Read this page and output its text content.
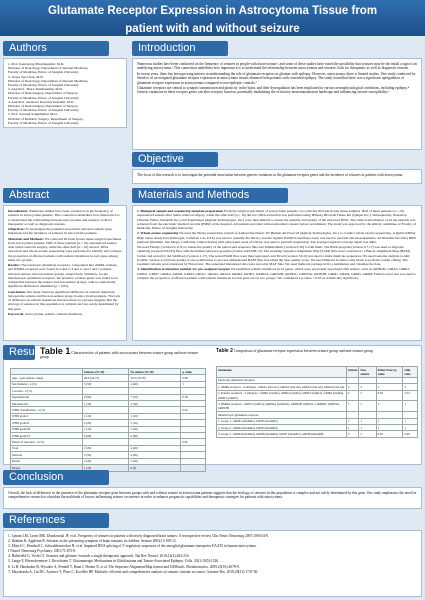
Glutamate Receptor Expression in Astrocytoma Tissue from
patient with and without seizure
Authors
1. Prof. Kanlayong Phuttinpaphal, M.D.
Division of Neurology, Department of Internal Medicine,
Faculty of Medicine, Prince of Songkla University
2. Jirayu Sae-Chan, M.D.
Division of Neurology, Department of Internal Medicine,
Faculty of Medicine, Prince of Songkla University
3. Asst.Prof. Thara Tunthanathip, M.D.
Division of Neurosurgery, Department of Surgery,
Faculty of Medicine, Prince of Songkla University
4. Asst.Prof. Anukoon Kaewborisutsakul, M.D.
Division of Neurosurgery, Department of Surgery,
Faculty of Medicine, Prince of Songkla University
5. Prof. Surasak Sangkhathat, M.D.
Division of Pediatric Surgery, Department of Surgery,
Faculty of Medicine, Prince of Songkla University
Introduction

Numerous studies have been conducted on the frequency of seizures in people with astrocytomas¹, and some of these studies have raised the possibility that seizures may be the initial a sign of an underlying astrocytoma.² This connection underlines how important it is to understand the relationship between astrocytomas and seizures, both for therapeutic as well as diagnostic reasons.

In recent years, there has been growing interest in understanding the role of glutamate receptors in gliomas with epilepsy. However, astrocytoma, there is limited studies. One study conducted by Smith et al. investigated glutamate receptor expression in astrocytoma tissues obtained from patients with comorbid epilepsy. The study found that there was a significant upregulation of glutamate receptor expression in astrocytomas compared to non-epileptic controls.³

Glutamate receptors are central to synaptic transmission and plasticity in the brain, and their dysregulation has been implicated in various neurophysiological conditions, including epilepsy.⁴ Genetic variations in these receptor genes can alter receptor function, potentially modulating the excitatory neurotransmission landscape and influencing seizure susceptibility.⁵

Objective

The focus of this research is to investigate the potential association between genetic variations in the glutamate receptor genes and the incidence of seizures in patients with astrocytoma.

Abstract

Introduction: Numerous studies have been conducted on the frequency of seizures in astrocytoma patients. This connection underlines how important it is to understand the relationship between astrocytomas and seizures, both for therapeutic as well as diagnostic reasons.

Objectives: To investigate the potential association between somatic gene mutations and the incidence of seizures in astrocytoma patients.

Materials and Methods: We collected 20 fresh frozen tissue surgical specimens from astrocytoma patients. Half of these patients (n = 10) experienced seizure after tumor removal surgery, while the other half (n = 10) did not. DNA extraction and whole-exome sequencing were performed to identify and compare the proportion of affected patients with somatic mutations in each gene among these two groups.

Results: The ionotropic glutamate receptors, categorized into AMPA, kainate, and NMDA receptors were found in 2 and 2, 4 and 2, and 7 and 7 patients between seizure and non-seizure groups, respectively. Similarly, for the metabotropic glutamate receptors, the presence of these genes was found to be comparable between the seizure and non-seizure groups, with no statistically significant differences identified (p > 0.05).

Conclusion: Our study found no significant difference in somatic mutations between the seizure and the non-seizure group in astrocytoma patients. The lack of difference in somatic mutations between these two groups suggests that the etiology of seizures in this population is complex and not solely determined by this gene.

Keywords: Astrocytoma, seizure, somatic mutations

Materials and Methods

1. Biological sample and sequencing template preparation From the surgical specimens of astrocytoma patients, we collected 20 fresh frozen tissue samples. Half of these patients (n = 10) experienced seizure after tumor removal surgery, while the other half (n = 10) did not. DNA extraction was performed using DNeasy Blood & Tissue Kit (Qiagen Inc.). Subsequently, Nanodrop (Thermo Fisher Scientific Inc.) and TapeStation (Agilent Technologies, Inc.) were then utilized to assess the quantity and quality of the extracted DNA. The clinical information of all the patients was retrieved from the electronic medical records (EMR) of the hospital. All patients provided written informed consent before recruitment. The study was approved by the ethical committee of Faculty of Medicine, Prince of Songkla University.

2. Whole-exome sequencing We used the library preparation system of Agilent SureSelect XT Human All Exon v8 (Agilent Technologies, Inc.) to conduct whole exome sequencing. A Qubit dsDNA High Sense Assay Kit (Invitrogen, Carlsbad, CA, USA) was used to quantify the library, and the Agilent D1000 ScreenTape assay was used to perform size measurements. An Illumina NovaSeq 6000 platform (Illumina, San Diego, California, United States) with paired-end reads of 150-bp was used to perform sequencing. The average targeted coverage depth was 200x.

We used FastQC (version 0.11.9) to assess the quality of the paired-end sequence files and Trimmomatic (version 0.39) to trim them. The BWA program (version 0.7.17) was used to align the optimally prepared FASTQ files with the human reference genome (version GRCh38.13). The resulting Sequence Alignment Map (SAM) files were converted to a Binary Alignment Map (BAM) format and sorted by the SAMtools (version 1.17). The sorted BAM files were then regrouped, and Picard (version 3.0.0) was used to mark duplicate sequences. We used Genome analysis toolkit (GATK, version 4.4.0) base quality score recalibration to process unduplicated BAM files and adjust the base quality score. We used Mutect2 in tumor-only mode to perform variant calling. The resultant variants were annotated by Funcotator. The annotated mutational data were stored in MAF files. We used maftools package in R to summarize and visualize the data.

3. Identification of mutation number for pre-assigned receptor We identified somatic mutations in 22 genes, which were previously associated with seizure, such as GRIN2D, GRIA4, GRIK1, GRIN1, GRM7, GRIK2, GRM2, GRM3, GRIA1, GRIA2, GRIA3, GRIK4, GRIK5, GRIN2A, GRIN2B, GRIN2C, GRIN3A, GRIN3B, GRM1, GRM4, GRM5, GRM6. Fisher's exact test was used to compare the proportion of affected patients with somatic mutations in each gene across two groups. We considered a p-value < 0.05 as statistically significant.

Result Table 1 Characteristics of patients with astrocytoma between seizure group and non-seizure group
	Seizures (N=10)	No seizure (N=10)	p value
Age - years (mean, range)	49.9 (34-75)	50.3 (19-78)	0.98
Sex (female) - n (%)	5 (50)	4 (40)	1
Location - n (%)			
Supratentorial	9 (90)	7 (70)	0.58
Infratentorial	1 (10)	3 (30)	
WHO classification - n (%)			0.92
WHO grade I	1 (10)	1 (10)	
WHO grade II	2 (20)	1 (10)	
WHO grade III	1 (10)	2 (20)	
WHO grade IV	6 (60)	6 (60)	
Extent of resection - n (%)			0.65
Total	2 (20)	4 (40)	
Subtotal	5 (50)	4 (40)	
Partial	2 (20)	2 (20)	
Biopsy	1 (10)	0 (0)	
Table 2 Comparison of glutamate receptor expression between seizure group and non-seizure group
Glutamate	Seizure	Non-seizure	Fisher Exact p-value	Odd ratio
Ionotropic glutamate receptors				
1. AMPA receptors - 4 subtypes : GRIA1 (Glu A1), GRIA2 (Glu A2), GRIA3 (Glu A3), GRIA4 (Glu A4)	2	2	1	1
2. Kainate receptors - 5 subtypes : GRIK1 (GluK1), GRIK2 (GluK2), GRIK3 (GluK3), GRIK4 (GluK4), GRIK5 (GluK5)	4	2	0.63	2.54
3. NMDA receptors : GRIN1 (GluN1), GRIN2A (GluN2A), GRIN2B, GRIN2C, GRIN2D, GRIN3A, GRIN3B	7	7	1	1
Metabotropic glutamate receptors				
1. Group 1 : GRM1 (mGluR1), GRM5 (mGluR5)	1	1	1	1
2. Group 2 : GRM2 (mGluR2), GRM3 (mGluR3)	1	1	1	1
3. Group 3 : GRM4 (mGluR4), GRM6 (mGluR6), GRM7 (mGluR7), GRM8 (mGluR8)	3	5	0.65	0.46
Conclusion

Overall, the lack of difference in the presence of the glutamate receptor gene between groups with and without seizure in astrocytoma patients suggests that the etiology of seizures in this population is complex and not solely determined by this gene. Our study emphasizes the need for comprehensive research to elucidate the multitude of factors influencing seizure occurrence in order to enhance prognostic capabilities and therapeutic strategies for patients with astrocytoma.

References

1. Lynam LM, Lyons MK, Drazkowski JF, et al. Frequency of seizures in patients with newly diagnosed brain tumors: A retrospective review Clin Neuro Neurosurg 2007;109:634-8.

2. Ibrahim K, Appleton R. Seizures as the presenting symptom of brain tumours in children. Seizure 2004;13:108-12.

3. Mitsch C, Pennhoff C, Schwaldenstocker B, et al. Impaired RNA splicing of 5'-regulatory sequences of the astroglial glutamate transporter EAAT2 in human astrocytoma.

J Neurol Neurosurg Psychiatry. 2001;71:675-8.

4. Huberfeld G, Vecht CJ. Seizures and gliomas--towards a single therapeutic approach. Nat Rev Neurol. 2016;12(4):204-216.

5. Lange F, Hörnschemeyer J, Kirschstein T. Glutamatergic Mechanisms in Glioblastoma and Tumor-Associated Epilepsy. Cells. 2021;10(5):1226.

6. Li H, Handsaker B, Wysoker A, Fennell T, Ruan J, Homer N, et al. The Sequence Alignment/Map format and SAMtools. Bioinformatics. 2009;25(16):2078-9.

7. Mayakonda A, Lin DC, Assenov Y, Plass C, Koeffler HP. Maftools: efficient and comprehensive analysis of somatic variants in cancer. Genome Res. 2018;28(11):1747-56.
